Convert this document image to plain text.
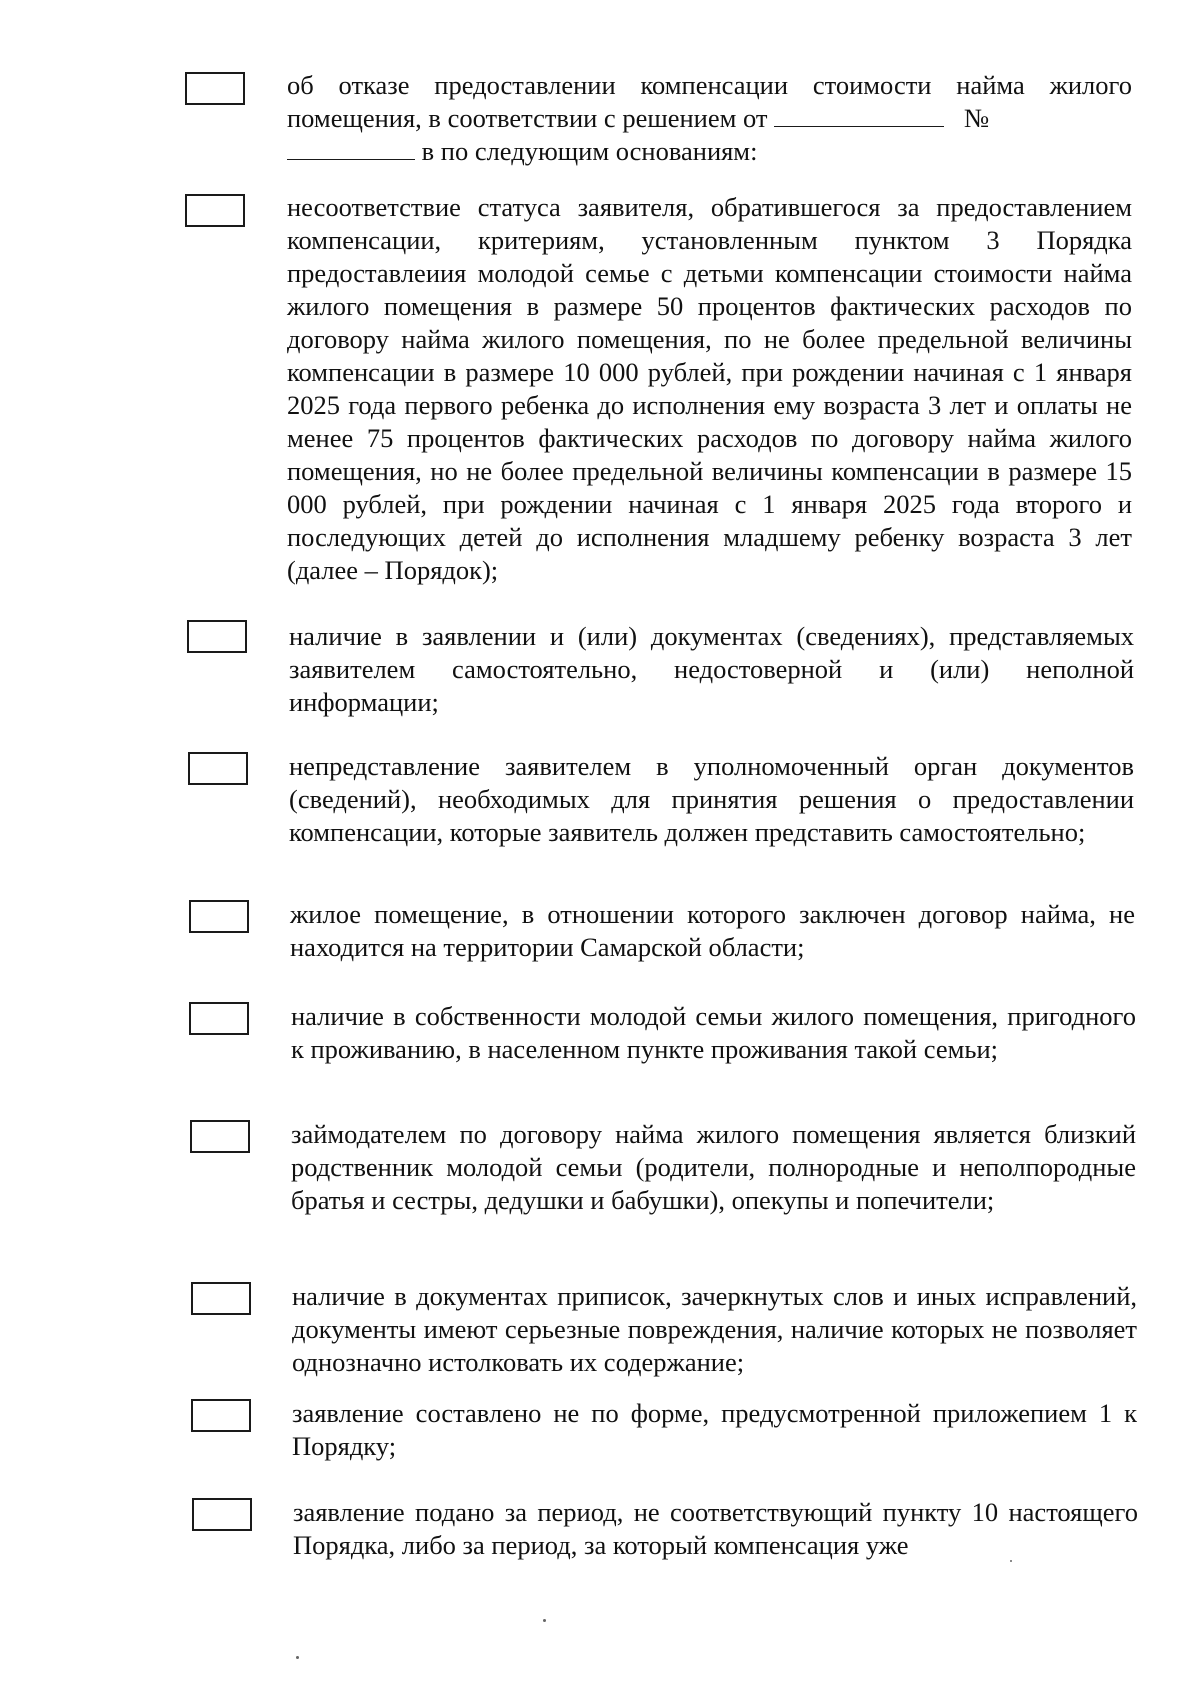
об отказе предоставлении компенсации стоимости найма жилого помещения, в соответствии с решением от	№
в по следующим основаниям:
несоответствие статуса заявителя, обратившегося за предоставлением компенсации, критериям, установленным пунктом 3 Порядка предоставлеиия молодой семье с детьми компенсации стоимости найма жилого помещения в размере 50 процентов фактических расходов по договору найма жилого помещения, по не более предельной величины компенсации в размере 10 000 рублей, при рождении начиная с 1 января 2025 года первого ребенка до исполнения ему возраста 3 лет и оплаты не менее 75 процентов фактических расходов по договору найма жилого помещения, но не более предельной величины компенсации в размере 15 000 рублей, при рождении начиная с 1 января 2025 года второго и последующих детей до исполнения младшему ребенку возраста 3 лет (далее – Порядок);
наличие в заявлении и (или) документах (сведениях), представляемых заявителем самостоятельно, недостоверной и (или) неполной информации;
непредставление заявителем в уполномоченный орган документов (сведений), необходимых для принятия решения о предоставлении компенсации, которые заявитель должен представить самостоятельно;
жилое помещение, в отношении которого заключен договор найма, не находится на территории Самарской области;
наличие в собственности молодой семьи жилого помещения, пригодного к проживанию, в населенном пункте проживания такой семьи;
займодателем по договору найма жилого помещения является близкий родственник молодой семьи (родители, полнородные и неполпородные братья и сестры, дедушки и бабушки), опекупы и попечители;
наличие в документах приписок, зачеркнутых слов и иных исправлений, документы имеют серьезные повреждения, наличие которых не позволяет однозначно истолковать их содержание;
заявление составлено не по форме, предусмотренной приложепием 1 к Порядку;
заявление подано за период, не соответствующий пункту 10 настоящего Порядка, либо за период, за который компенсация уже
